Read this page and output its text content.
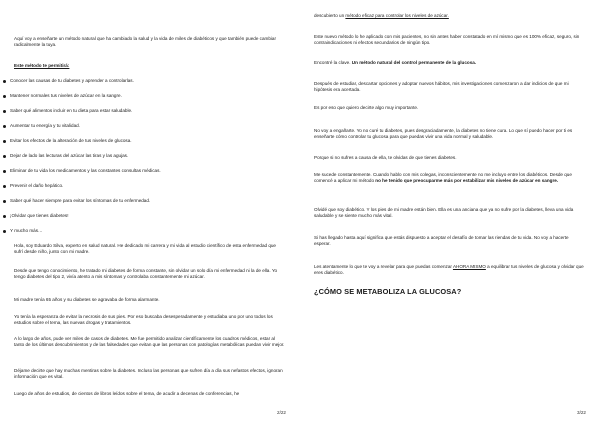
Aquí voy a enseñarte un método natural que ha cambiado la salud y la vida de miles de diabéticos y que también puede cambiar radicalmente la tuya.

Este método te permitirá:

Conocer las causas de tu diabetes y aprender a controlarlas.
Mantener normales tus niveles de azúcar en la sangre.
Saber qué alimentos incluir en tu dieta para estar saludable.
Aumentar tu energía y tu vitalidad.
Evitar los efectos de la alteración de tus niveles de glucosa.
Dejar de lado las lecturas del azúcar las tiras y las agujas.
Eliminar de tu vida los medicamentos y las constantes consultas médicas.
Prevenir el daño hepático.
Saber qué hacer siempre para evitar los síntomas de tu enfermedad.
¡Olvidar que tienes diabetes!
Y mucho más…

Hola, soy Eduardo Silva, experto en salud natural. He dedicado mi carrera y mi vida al estudio científico de esta enfermedad que sufrí desde niño, junto con mi madre.

Desde que tengo conocimiento, he tratado mi diabetes de forma constante, sin olvidar un solo día mi enfermedad ni la de ella. Yo tengo diabetes del tipo 2, vivía atento a mis síntomas y controlaba constantemente mi azúcar.

Mi madre tenía 65 años y su diabetes se agravaba de forma alarmante.

Yo tenía la esperanza de evitar la necrosis de sus pies. Por eso buscaba desesperadamente y estudiaba uno por uno todos los estudios sobre el tema, las nuevas drogas y tratamientos.

A lo largo de años, pude ver miles de casos de diabetes. Me fue permitido analizar científicamente los cuadros médicos, estar al tanto de los últimos descubrimientos y de las falsedades que evitan que las personas con patologías metabólicas puedan vivir mejor.

Déjame decirte que hay muchas mentiras sobre la diabetes. Incluso las personas que sufren día a día sus nefastos efectos, ignoran información que es vital.

Luego de años de estudios, de cientos de libros leídos sobre el tema, de acudir a decenas de conferencias, he

2/22

descubierto un método eficaz para controlar los niveles de azúcar.

Este nuevo método lo he aplicado con mis pacientes, no sin antes haber constatado en mí mismo que es 100% eficaz, seguro, sin contraindicaciones ni efectos secundarios de ningún tipo.

Encontré la clave. Un método natural del control permanente de la glucosa.

Después de estudiar, descartar opciones y adoptar nuevos hábitos, mis investigaciones comenzaron a dar indicios de que mi hipótesis era acertada.

Es por eso que quiero decirte algo muy importante.

No voy a engañarte. Yo no curé tu diabetes, pues desgraciadamente, la diabetes no tiene cura. Lo que sí puedo hacer por ti es enseñarte cómo controlar tu glucosa para que puedas vivir una vida normal y saludable.

Porque si no sufres a causa de ella, te olvidas de que tienes diabetes.

Me sucede constantemente. Cuando hablo con mis colegas, inconscientemente no me incluyo entre los diabéticos. Desde que comencé a aplicar mi método no he tenido que preocuparme más por estabilizar mis niveles de azúcar en sangre.

Olvidé que soy diabético. Y los pies de mi madre están bien. Ella es una anciana que ya no sufre por la diabetes, lleva una vida saludable y se siente mucho más vital.

Si has llegado hasta aquí significa que estás dispuesto a aceptar el desafío de tomar las riendas de tu vida. No voy a hacerte esperar.

Les atentamente lo que te voy a revelar para que puedas comenzar AHORA MISMO a equilibrar tus niveles de glucosa y olvidar que eres diabético.

¿CÓMO SE METABOLIZA LA GLUCOSA?
3/22
